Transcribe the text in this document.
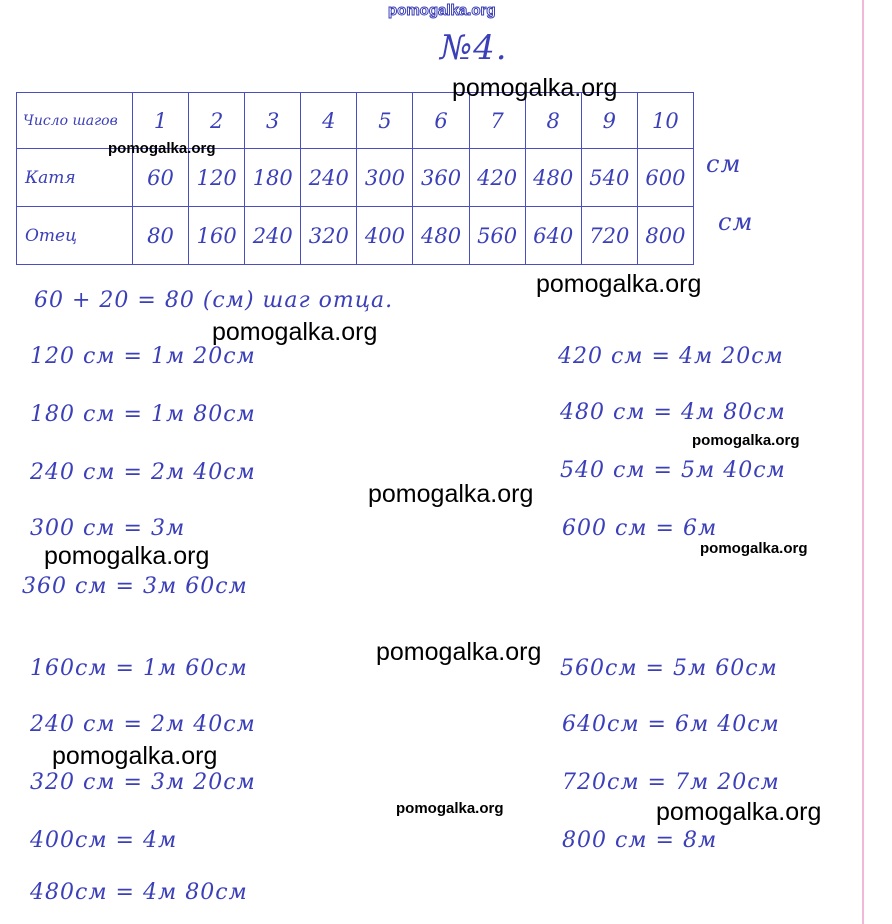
pomogalka.org
№4.
Число шагов	1	2	3	4	5	6	7	8	9	10
Катя	60	120	180	240	300	360	420	480	540	600
Отец	80	160	240	320	400	480	560	640	720	800
см
см
60 + 20 = 80 (см) шаг отца.
120 см = 1м 20см
180 см = 1м 80см
240 см = 2м 40см
300 см = 3м
360 см = 3м 60см
420 см = 4м 20см
480 см = 4м 80см
540 см = 5м 40см
600 см = 6м
160см = 1м 60см
240 см = 2м 40см
320 см = 3м 20см
400см = 4м
480см = 4м 80см
560см = 5м 60см
640см = 6м 40см
720см = 7м 20см
800 см = 8м
pomogalka.org
pomogalka.org
pomogalka.org
pomogalka.org
pomogalka.org
pomogalka.org
pomogalka.org
pomogalka.org
pomogalka.org
pomogalka.org
pomogalka.org	pomogalka.org
